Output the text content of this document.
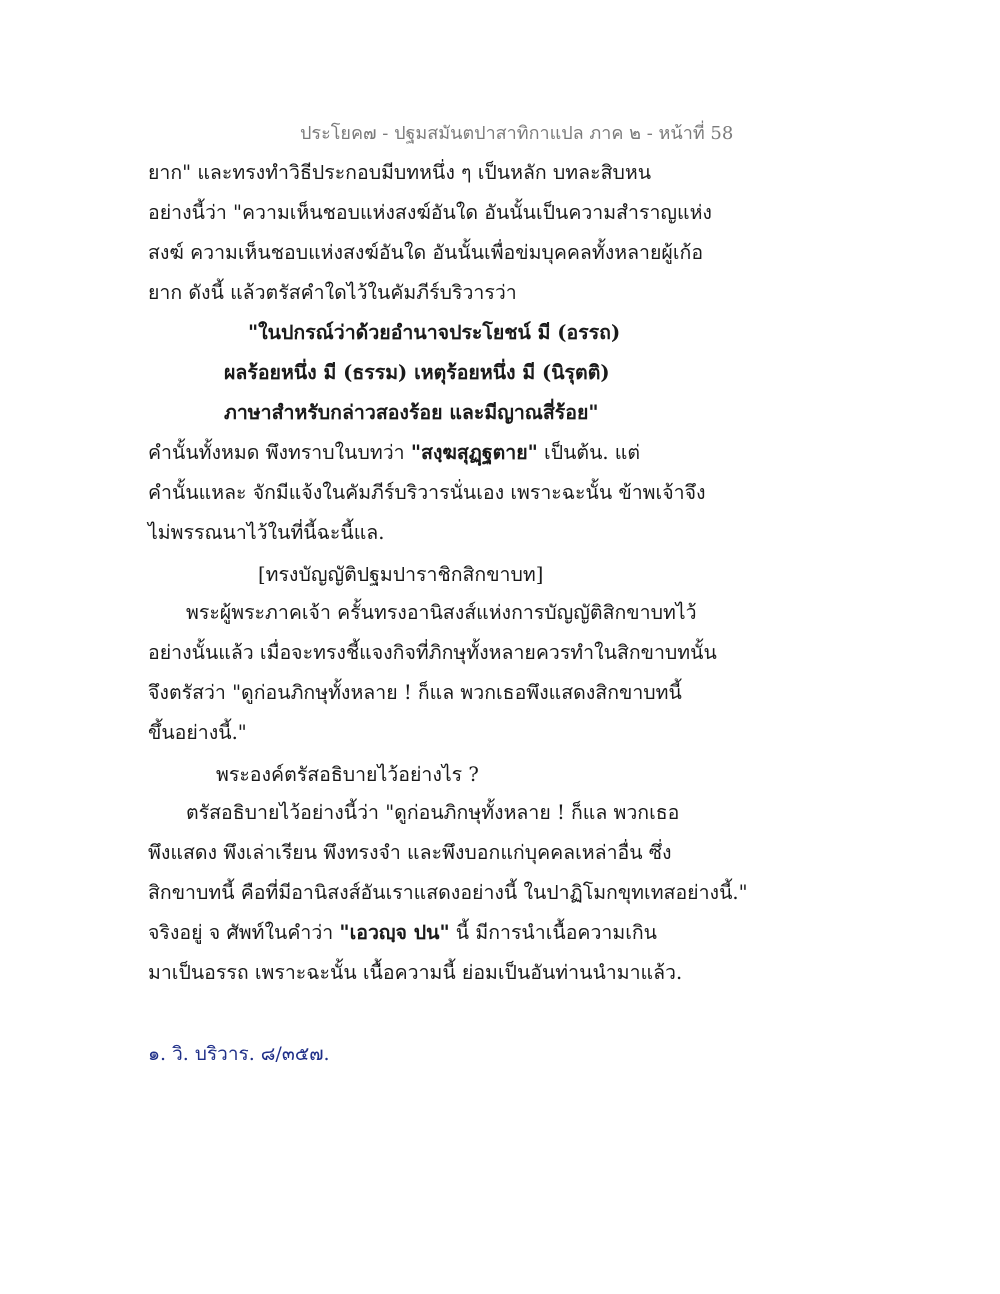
ประโยค๗ - ปฐมสมันตปาสาทิกาแปล ภาค ๒ - หน้าที่ 58
ยาก" และทรงทำวิธีประกอบมีบทหนึ่ง ๆ เป็นหลัก บทละสิบหน
อย่างนี้ว่า "ความเห็นชอบแห่งสงฆ์อันใด อันนั้นเป็นความสำราญแห่ง
สงฆ์ ความเห็นชอบแห่งสงฆ์อันใด อันนั้นเพื่อข่มบุคคลทั้งหลายผู้เก้อ
ยาก ดังนี้ แล้วตรัสคำใดไว้ในคัมภีร์บริวารว่า
"ในปกรณ์ว่าด้วยอำนาจประโยชน์ มี (อรรถ)
ผลร้อยหนึ่ง มี (ธรรม) เหตุร้อยหนึ่ง มี (นิรุตติ)
ภาษาสำหรับกล่าวสองร้อย และมีญาณสี่ร้อย"
คำนั้นทั้งหมด พึงทราบในบทว่า "สงฺฆสุฏฺฐตาย" เป็นต้น. แต่
คำนั้นแหละ จักมีแจ้งในคัมภีร์บริวารนั่นเอง เพราะฉะนั้น ข้าพเจ้าจึง
ไม่พรรณนาไว้ในที่นี้ฉะนี้แล.
[ทรงบัญญัติปฐมปาราชิกสิกขาบท]
พระผู้พระภาคเจ้า ครั้นทรงอานิสงส์แห่งการบัญญัติสิกขาบทไว้
อย่างนั้นแล้ว เมื่อจะทรงชี้แจงกิจที่ภิกษุทั้งหลายควรทำในสิกขาบทนั้น
จึงตรัสว่า "ดูก่อนภิกษุทั้งหลาย ! ก็แล พวกเธอพึงแสดงสิกขาบทนี้
ขึ้นอย่างนี้."
พระองค์ตรัสอธิบายไว้อย่างไร ?
ตรัสอธิบายไว้อย่างนี้ว่า "ดูก่อนภิกษุทั้งหลาย ! ก็แล พวกเธอ
พึงแสดง พึงเล่าเรียน พึงทรงจำ และพึงบอกแก่บุคคลเหล่าอื่น ซึ่ง
สิกขาบทนี้ คือที่มีอานิสงส์อันเราแสดงอย่างนี้ ในปาฏิโมกขุทเทสอย่างนี้."
จริงอยู่ จ ศัพท์ในคำว่า "เอวญฺจ ปน" นี้ มีการนำเนื้อความเกิน
มาเป็นอรรถ เพราะฉะนั้น เนื้อความนี้ ย่อมเป็นอันท่านนำมาแล้ว.
๑. วิ. บริวาร. ๘/๓๕๗.
